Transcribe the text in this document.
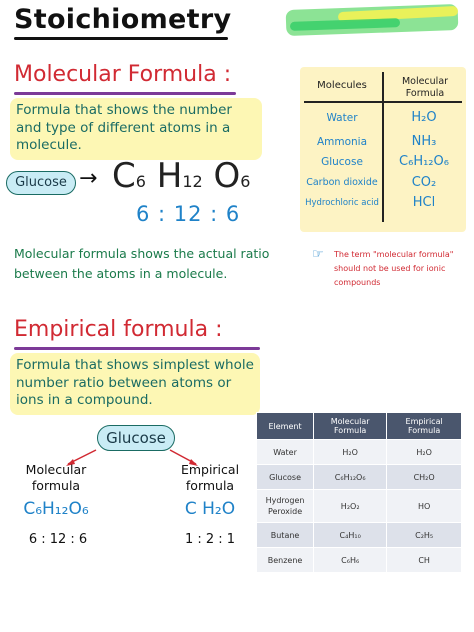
Stoichiometry
Molecular Formula :
Formula that shows the number and type of different atoms in a molecule.
Glucose → C6 H12 O6
6 : 12 : 6
Molecular formula shows the actual ratio between the atoms in a molecule.
☞ The term "molecular formula" should not be used for ionic compounds
Molecules	Molecular Formula
Water	H₂O
Ammonia	NH₃
Glucose	C₆H₁₂O₆
Carbon dioxide	CO₂
Hydrochloric acid	HCl
Empirical formula :
Formula that shows simplest whole number ratio between atoms or ions in a compound.
Glucose
Molecular formula
Empirical formula
C₆H₁₂O₆	C H₂O
6 : 12 : 6	1 : 2 : 1
Element	Molecular Formula	Empirical Formula
Water	H₂O	H₂O
Glucose	C₆H₁₂O₆	CH₂O
Hydrogen Peroxide	H₂O₂	HO
Butane	C₄H₁₀	C₂H₅
Benzene	C₆H₆	CH
